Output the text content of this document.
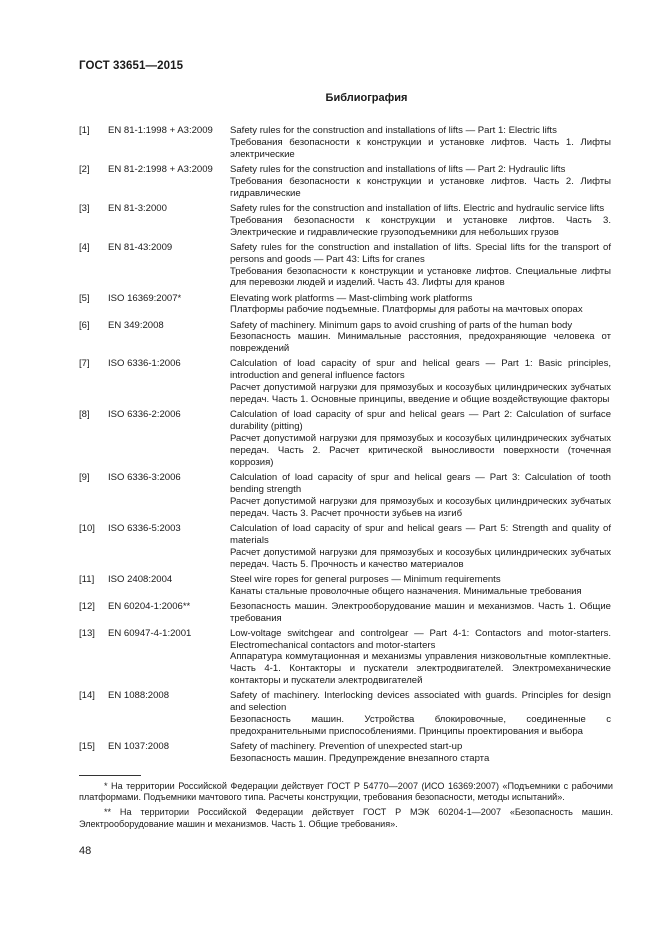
ГОСТ 33651—2015
Библиография
[1]	EN 81-1:1998 + A3:2009	Safety rules for the construction and installations of lifts — Part 1: Electric lifts
Требования безопасности к конструкции и установке лифтов. Часть 1. Лифты электрические
[2]	EN 81-2:1998 + A3:2009	Safety rules for the construction and installations of lifts — Part 2: Hydraulic lifts
Требования безопасности к конструкции и установке лифтов. Часть 2. Лифты гидравлические
[3]	EN 81-3:2000	Safety rules for the construction and installation of lifts. Electric and hydraulic service lifts
Требования безопасности к конструкции и установке лифтов. Часть 3. Электрические и гидравлические грузоподъемники для небольших грузов
[4]	EN 81-43:2009	Safety rules for the construction and installation of lifts. Special lifts for the transport of persons and goods — Part 43: Lifts for cranes
Требования безопасности к конструкции и установке лифтов. Специальные лифты для перевозки людей и изделий. Часть 43. Лифты для кранов
[5]	ISO 16369:2007*	Elevating work platforms — Mast-climbing work platforms
Платформы рабочие подъемные. Платформы для работы на мачтовых опорах
[6]	EN 349:2008	Safety of machinery. Minimum gaps to avoid crushing of parts of the human body
Безопасность машин. Минимальные расстояния, предохраняющие человека от повреждений
[7]	ISO 6336-1:2006	Calculation of load capacity of spur and helical gears — Part 1: Basic principles, introduction and general influence factors
Расчет допустимой нагрузки для прямозубых и косозубых цилиндрических зубчатых передач. Часть 1. Основные принципы, введение и общие воздействующие факторы
[8]	ISO 6336-2:2006	Calculation of load capacity of spur and helical gears — Part 2: Calculation of surface durability (pitting)
Расчет допустимой нагрузки для прямозубых и косозубых цилиндрических зубчатых передач. Часть 2. Расчет критической выносливости поверхности (точечная коррозия)
[9]	ISO 6336-3:2006	Calculation of load capacity of spur and helical gears — Part 3: Calculation of tooth bending strength
Расчет допустимой нагрузки для прямозубых и косозубых цилиндрических зубчатых передач. Часть 3. Расчет прочности зубьев на изгиб
[10]	ISO 6336-5:2003	Calculation of load capacity of spur and helical gears — Part 5: Strength and quality of materials
Расчет допустимой нагрузки для прямозубых и косозубых цилиндрических зубчатых передач. Часть 5. Прочность и качество материалов
[11]	ISO 2408:2004	Steel wire ropes for general purposes — Minimum requirements
Канаты стальные проволочные общего назначения. Минимальные требования
[12]	EN 60204-1:2006**	Безопасность машин. Электрооборудование машин и механизмов. Часть 1. Общие требования
[13]	EN 60947-4-1:2001	Low-voltage switchgear and controlgear — Part 4-1: Contactors and motor-starters. Electromechanical contactors and motor-starters
Аппаратура коммутационная и механизмы управления низковольтные комплектные. Часть 4-1. Контакторы и пускатели электродвигателей. Электромеханические контакторы и пускатели электродвигателей
[14]	EN 1088:2008	Safety of machinery. Interlocking devices associated with guards. Principles for design and selection
Безопасность машин. Устройства блокировочные, соединенные с предохранительными приспособлениями. Принципы проектирования и выбора
[15]	EN 1037:2008	Safety of machinery. Prevention of unexpected start-up
Безопасность машин. Предупреждение внезапного старта
* На территории Российской Федерации действует ГОСТ Р 54770—2007 (ИСО 16369:2007) «Подъемники с рабочими платформами. Подъемники мачтового типа. Расчеты конструкции, требования безопасности, методы испытаний».
** На территории Российской Федерации действует ГОСТ Р МЭК 60204-1—2007 «Безопасность машин. Электрооборудование машин и механизмов. Часть 1. Общие требования».
48
